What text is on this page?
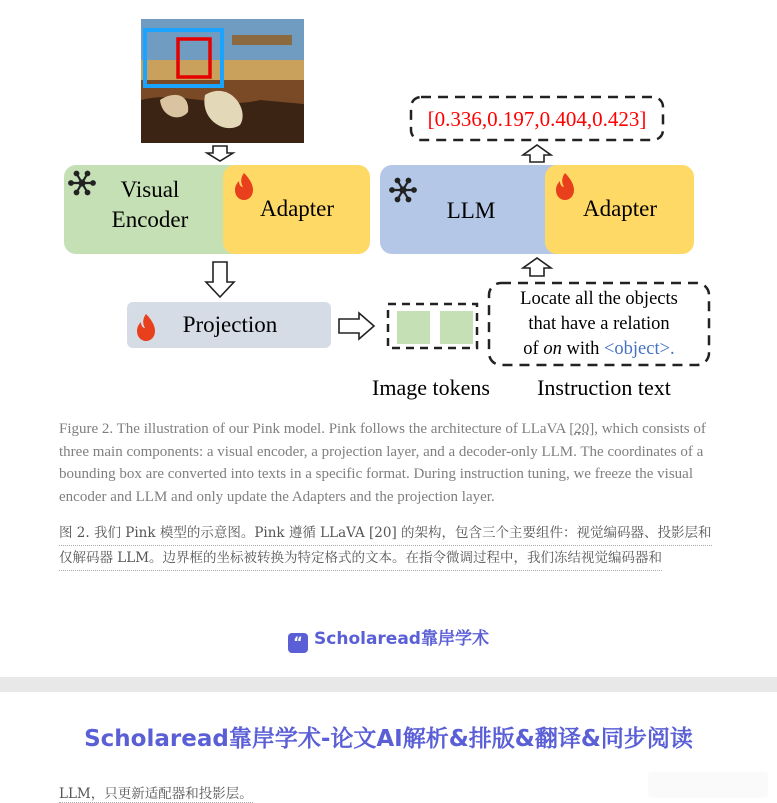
Visual
Encoder	Adapter
Projection
Image tokens
Locate all the objects
that have a relation
of on with <object>.
Instruction text
LLM	Adapter
[0.336,0.197,0.404,0.423]
Figure 2. The illustration of our Pink model. Pink follows the architecture of LLaVA [20], which consists of three main components: a visual encoder, a projection layer, and a decoder-only LLM. The coordinates of a bounding box are converted into texts in a specific format. During instruction tuning, we freeze the visual encoder and LLM and only update the Adapters and the projection layer.
图 2. 我们 Pink 模型的示意图。Pink 遵循 LLaVA [20] 的架构，包含三个主要组件：视觉编码器、投影层和
仅解码器 LLM。边界框的坐标被转换为特定格式的文本。在指令微调过程中，我们冻结视觉编码器和
“ Scholaread靠岸学术
Scholaread靠岸学术-论文AI解析&排版&翻译&同步阅读
LLM，只更新适配器和投影层。
